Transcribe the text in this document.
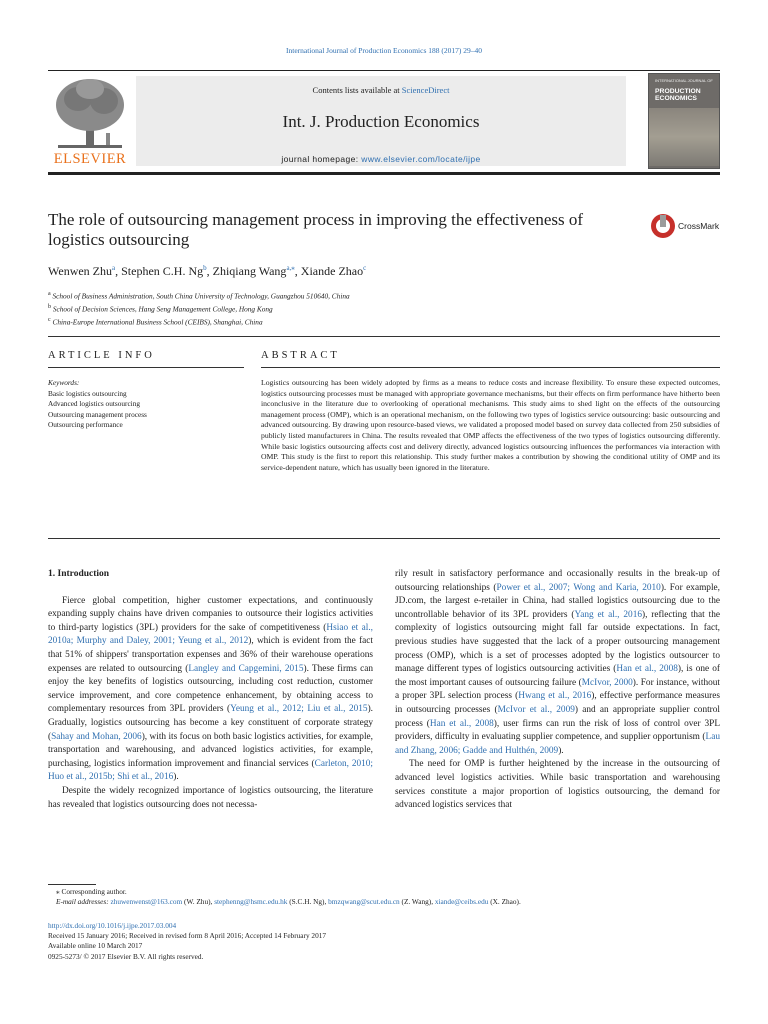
International Journal of Production Economics 188 (2017) 29–40
ELSEVIER
Contents lists available at ScienceDirect
Int. J. Production Economics
journal homepage: www.elsevier.com/locate/ijpe
INTERNATIONAL JOURNAL OF
PRODUCTION
ECONOMICS
The role of outsourcing management process in improving the effectiveness of logistics outsourcing
CrossMark
Wenwen Zhu$^a$, Stephen C.H. Ng$^b$, Zhiqiang Wang$^{a,⁎}$, Xiande Zhao$^c$
$^a$ School of Business Administration, South China University of Technology, Guangzhou 510640, China
$^b$ School of Decision Sciences, Hang Seng Management College, Hong Kong
$^c$ China-Europe International Business School (CEIBS), Shanghai, China
ARTICLE INFO	ABSTRACT
Keywords:
Basic logistics outsourcing
Advanced logistics outsourcing
Outsourcing management process
Outsourcing performance
Logistics outsourcing has been widely adopted by firms as a means to reduce costs and increase flexibility. To ensure these expected outcomes, logistics outsourcing processes must be managed with appropriate governance mechanisms, but their effects on firm performance have hitherto been inconclusive in the literature due to overlooking of operational mechanisms. This study aims to shed light on the effects of the outsourcing management process (OMP), which is an operational mechanism, on the following two types of logistics service outsourcing: basic outsourcing and advanced outsourcing. By drawing upon resource-based views, we validated a proposed model based on survey data collected from 250 subsidies of publicly listed manufacturers in China. The results revealed that OMP affects the effectiveness of the two types of logistics outsourcing differently. While basic logistics outsourcing affects cost and delivery directly, advanced logistics outsourcing influences the performances via interaction with OMP. This study is the first to report this relationship. This study further makes a contribution by showing the conditional utility of OMP and its service-dependent nature, which has usually been ignored in the literature.
1. Introduction

Fierce global competition, higher customer expectations, and continuously expanding supply chains have driven companies to outsource their logistics activities to third-party logistics (3PL) providers for the sake of competitiveness (Hsiao et al., 2010a; Murphy and Daley, 2001; Yeung et al., 2012), which is evident from the fact that 51% of shippers' transportation expenses and 36% of their warehouse operations expenses are related to outsourcing (Langley and Capgemini, 2015). These firms can enjoy the key benefits of logistics outsourcing, including cost reduction, customer service improvement, and core competence enhancement, by obtaining access to complementary resources from 3PL providers (Yeung et al., 2012; Liu et al., 2015). Gradually, logistics outsourcing has become a key constituent of corporate strategy (Sahay and Mohan, 2006), with its focus on both basic logistics activities, for example, transportation and warehousing, and advanced logistics activities, for example, purchasing, logistics information improvement and financial services (Carleton, 2010; Huo et al., 2015b; Shi et al., 2016).

Despite the widely recognized importance of logistics outsourcing, the literature has revealed that logistics outsourcing does not necessa-

rily result in satisfactory performance and occasionally results in the break-up of outsourcing relationships (Power et al., 2007; Wong and Karia, 2010). For example, JD.com, the largest e-retailer in China, had stalled logistics outsourcing due to the uncontrollable behavior of its 3PL providers (Yang et al., 2016), reflecting that the complexity of logistics outsourcing might fall far outside expectations. In fact, previous studies have suggested that the lack of a proper outsourcing management process (OMP), which is a set of processes adopted by the logistics outsourcer to manage different types of logistics outsourcing activities (Han et al., 2008), is one of the most important causes of outsourcing failure (McIvor, 2000). For instance, without a proper 3PL selection process (Hwang et al., 2016), effective performance measures in outsourcing processes (McIvor et al., 2009) and an appropriate supplier control process (Han et al., 2008), user firms can run the risk of loss of control over 3PL providers, difficulty in evaluating supplier competence, and supplier opportunism (Lau and Zhang, 2006; Gadde and Hulthén, 2009).

The need for OMP is further heightened by the increase in the outsourcing of advanced level logistics activities. While basic transportation and warehousing services constitute a major proportion of logistics outsourcing, the demand for advanced logistics services that

⁎ Corresponding author.
E-mail addresses: zhuwenwenst@163.com (W. Zhu), stephenng@hsmc.edu.hk (S.C.H. Ng), bmzqwang@scut.edu.cn (Z. Wang), xiande@ceibs.edu (X. Zhao).
http://dx.doi.org/10.1016/j.ijpe.2017.03.004
Received 15 January 2016; Received in revised form 8 April 2016; Accepted 14 February 2017
Available online 10 March 2017
0925-5273/ © 2017 Elsevier B.V. All rights reserved.
